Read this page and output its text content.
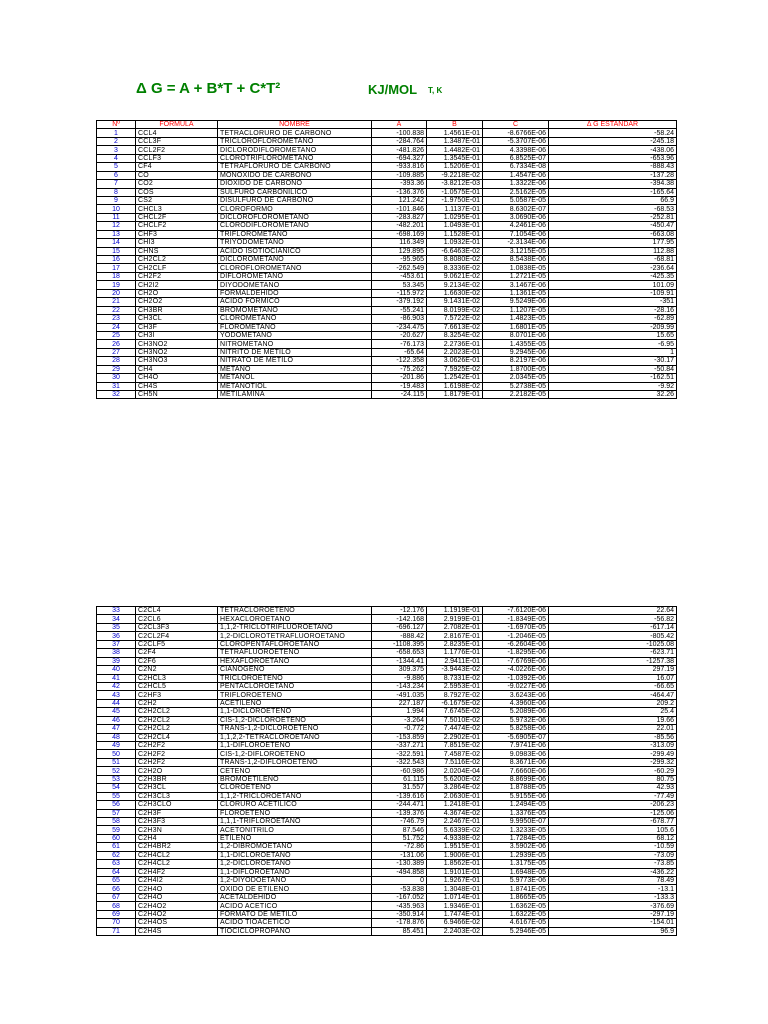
Δ G = A + B*T + C*T²	KJ/MOL T, K
Nº	FORMULA	NOMBRE	A	B	C	Δ G ESTANDAR
1	CCL4	TETRACLORURO DE CARBONO	-100.838	1.4561E-01	-8.6766E-06	-58.24
2	CCL3F	TRICLOROFLOROMETANO	-284.764	1.3487E-01	-5.3707E-06	-245.18
3	CCL2F2	DICLORODIFLOROMETANO	-481.826	1.4482E-01	4.3398E-06	-438.06
4	CCLF3	CLOROTRIFLOROMETANO	-694.327	1.3545E-01	6.8525E-07	-653.96
5	CF4	TETRAFLORURO DE CARBONO	-933.816	1.5206E-01	6.7334E-08	-888.43
6	CO	MONOXIDO DE CARBONO	-109.885	-9.2218E-02	1.4547E-06	-137.28
7	CO2	DIOXIDO DE CARBONO	-393.36	-3.8212E-03	1.3322E-06	-394.38
8	COS	SULFURO CARBONILICO	-136.376	-1.0575E-01	2.5162E-05	-165.64
9	CS2	DISULFURO DE CARBONO	121.242	-1.9750E-01	5.0587E-05	66.9
10	CHCL3	CLOROFORMO	-101.846	1.1137E-01	8.6302E-07	-68.53
11	CHCL2F	DICLOROFLOROMETANO	-283.827	1.0295E-01	3.0690E-06	-252.81
12	CHCLF2	CLORODIFLOROMETANO	-482.201	1.0493E-01	4.2461E-06	-450.47
13	CHF3	TRIFLOROMETANO	-698.169	1.1528E-01	7.1054E-06	-663.08
14	CHI3	TRIYODOMETANO	116.349	1.0932E-01	-2.3134E-06	177.95
15	CHNS	ACIDO ISOTIOCIANICO	129.895	-6.6463E-02	3.1215E-05	112.88
16	CH2CL2	DICLOROMETANO	-95.965	8.8080E-02	8.5438E-06	-68.81
17	CH2CLF	CLOROFLOROMETANO	-262.549	8.3336E-02	1.0838E-05	-236.64
18	CH2F2	DIFLOROMETANO	-453.61	9.0621E-02	1.2721E-05	-425.35
19	CH2I2	DIYODOMETANO	53.345	9.2134E-02	3.1467E-06	101.09
20	CH2O	FORMALDEHIDO	-115.972	1.6630E-02	1.1361E-05	-109.91
21	CH2O2	ACIDO FORMICO	-379.192	9.1431E-02	9.5249E-06	-351
22	CH3BR	BROMOMETANO	-55.241	8.0199E-02	1.1207E-05	-28.16
23	CH3CL	CLOROMETANO	-86.903	7.5722E-02	1.4823E-05	-62.89
24	CH3F	FLOROMETANO	-234.475	7.6613E-02	1.6801E-05	-209.99
25	CH3I	YODOMETANO	-20.627	8.3254E-02	8.0701E-06	15.65
26	CH3NO2	NITROMETANO	-76.173	2.2736E-01	1.4355E-05	-6.95
27	CH3NO2	NITRITO DE METILO	-65.64	2.2023E-01	9.2945E-06	1
28	CH3NO3	NITRATO DE METILO	-122.358	3.0626E-01	8.2197E-06	-30.17
29	CH4	METANO	-75.262	7.5925E-02	1.8700E-05	-50.84
30	CH4O	METANOL	-201.86	1.2542E-01	2.0345E-05	-162.51
31	CH4S	METANOTIOL	-19.483	1.6198E-02	5.2738E-05	-9.92
32	CH5N	METILAMINA	-24.115	1.8179E-01	2.2182E-05	32.26
33	C2CL4	TETRACLOROETENO	-12.176	1.1919E-01	-7.6120E-06	22.64
34	C2CL6	HEXACLOROETANO	-142.168	2.9199E-01	-1.8349E-05	-56.82
35	C2CL3F3	1,1,2-TRICLOTRIFLUOROETANO	-696.127	2.7082E-01	-1.6970E-05	-617.14
36	C2CL2F4	1,2-DICLOROTETRAFLUOROETANO	-888.42	2.8167E-01	-1.2046E-05	-805.42
37	C2CLF5	CLOROPENTAFLOROETANO	-1108.395	2.8235E-01	-6.2604E-06	-1025.08
38	C2F4	TETRAFLUOROETENO	-658.653	1.1776E-01	-1.8295E-06	-623.71
39	C2F6	HEXAFLOROETANO	-1344.41	2.9411E-01	-7.6769E-06	-1257.38
40	C2N2	CIANOGENO	309.375	-3.9443E-02	-4.0226E-06	297.19
41	C2HCL3	TRICLOROETENO	-9.886	8.7331E-02	-1.0392E-06	16.07
42	C2HCL5	PENTACLOROETANO	-143.234	2.5953E-01	-9.0227E-06	-66.65
43	C2HF3	TRIFLOROETENO	-491.035	8.7927E-02	3.6243E-06	-464.47
44	C2H2	ACETILENO	227.187	-6.1675E-02	4.3960E-06	209.2
45	C2H2CL2	1,1-DICLOROETENO	1.994	7.6745E-02	5.2089E-06	25.4
46	C2H2CL2	CIS-1,2-DICLOROETENO	-3.264	7.5010E-02	5.9732E-06	19.66
47	C2H2CL2	TRANS-1,2-DICLOROETENO	-0.772	7.4474E-02	5.8258E-06	22.01
48	C2H2CL4	1,1,2,2-TETRACLOROETANO	-153.859	2.2902E-01	-5.6905E-07	-85.56
49	C2H2F2	1,1-DIFLOROETENO	-337.271	7.8515E-02	7.9741E-06	-313.09
50	C2H2F2	CIS-1,2-DIFLOROETENO	-322.591	7.4587E-02	9.0983E-06	-299.49
51	C2H2F2	TRANS-1,2-DIFLOROETENO	-322.543	7.5116E-02	8.3671E-06	-299.32
52	C2H2O	CETENO	-60.986	2.0204E-04	7.6660E-06	-60.29
53	C2H3BR	BROMOETILENO	61.115	5.6200E-02	8.8699E-06	80.75
54	C2H3CL	CLOROETENO	31.557	3.2864E-02	1.8788E-05	42.93
55	C2H3CL3	1,1,2-TRICLOROETANO	-139.616	2.0630E-01	5.9155E-06	-77.49
56	C2H3CLO	CLORURO ACETILICO	-244.471	1.2418E-01	1.2494E-05	-206.23
57	C2H3F	FLOROETENO	-139.376	4.3674E-02	1.3376E-05	-125.06
58	C2H3F3	1,1,1-TRIFLOROETANO	-746.79	2.2467E-01	9.9950E-07	-678.77
59	C2H3N	ACETONITRILO	87.546	5.6339E-02	1.3233E-05	105.6
60	C2H4	ETILENO	51.752	4.9338E-02	1.7284E-05	68.12
61	C2H4BR2	1,2-DIBROMOETANO	-72.86	1.9515E-01	3.5902E-06	-10.59
62	C2H4CL2	1,1-DICLOROETANO	-131.06	1.9006E-01	1.2939E-05	-73.09
63	C2H4CL2	1,2-DICLOROETANO	-130.389	1.8562E-01	1.3175E-05	-73.85
64	C2H4F2	1,1-DIFLOROETANO	-494.858	1.9101E-01	1.6948E-05	-436.22
65	C2H4I2	1,2-DIYODOETANO	0	1.9267E-01	5.9773E-06	78.49
66	C2H4O	OXIDO DE ETILENO	-53.838	1.3048E-01	1.8741E-05	-13.1
67	C2H4O	ACETALDEHIDO	-167.052	1.0714E-01	1.8665E-05	-133.3
68	C2H4O2	ACIDO ACETICO	-435.963	1.9346E-01	1.6362E-05	-376.69
69	C2H4O2	FORMATO DE METILO	-350.914	1.7474E-01	1.6322E-05	-297.19
70	C2H4OS	ACIDO TIOACETICO	-178.876	6.9466E-02	4.6167E-05	-154.01
71	C2H4S	TIOCICLOPROPANO	85.451	2.2403E-02	5.2946E-05	96.9
